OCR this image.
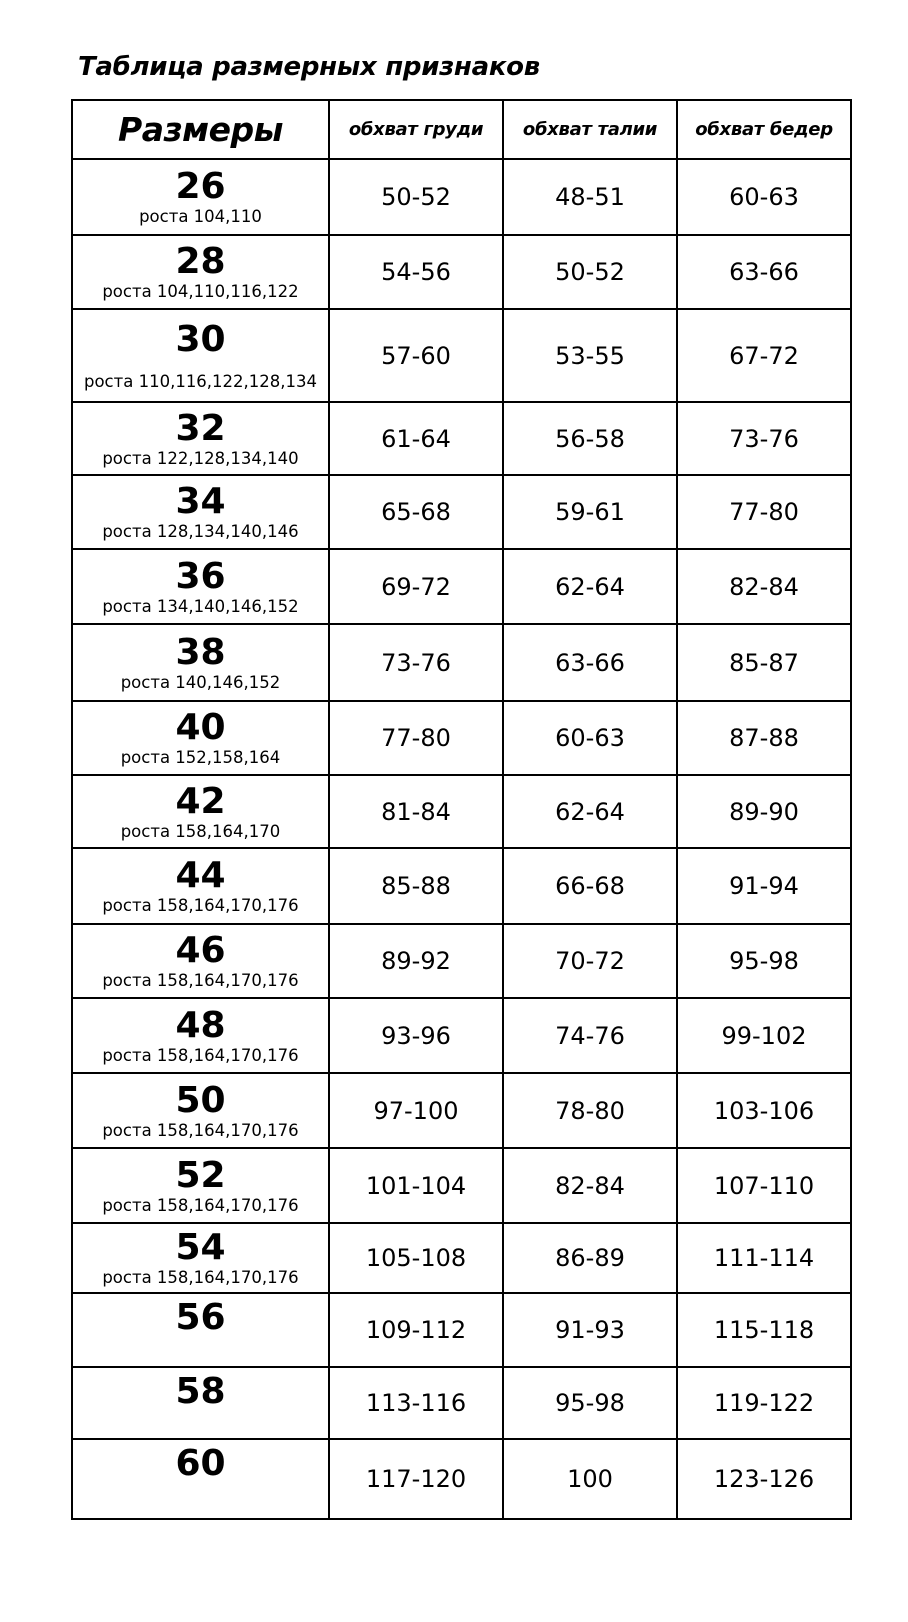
Таблица размерных признаков
Размеры	обхват груди	обхват талии	обхват бедер

26
роста 104,110	50-52	48-51	60-63

28
роста 104,110,116,122	54-56	50-52	63-66

30
роста 110,116,122,128,134	57-60	53-55	67-72

32
роста 122,128,134,140	61-64	56-58	73-76

34
роста 128,134,140,146	65-68	59-61	77-80

36
роста 134,140,146,152	69-72	62-64	82-84

38
роста 140,146,152	73-76	63-66	85-87

40
роста 152,158,164	77-80	60-63	87-88

42
роста 158,164,170	81-84	62-64	89-90

44
роста 158,164,170,176	85-88	66-68	91-94

46
роста 158,164,170,176	89-92	70-72	95-98

48
роста 158,164,170,176	93-96	74-76	99-102

50
роста 158,164,170,176	97-100	78-80	103-106

52
роста 158,164,170,176	101-104	82-84	107-110

54
роста 158,164,170,176	105-108	86-89	111-114

56	109-112	91-93	115-118

58	113-116	95-98	119-122

60	117-120	100	123-126
